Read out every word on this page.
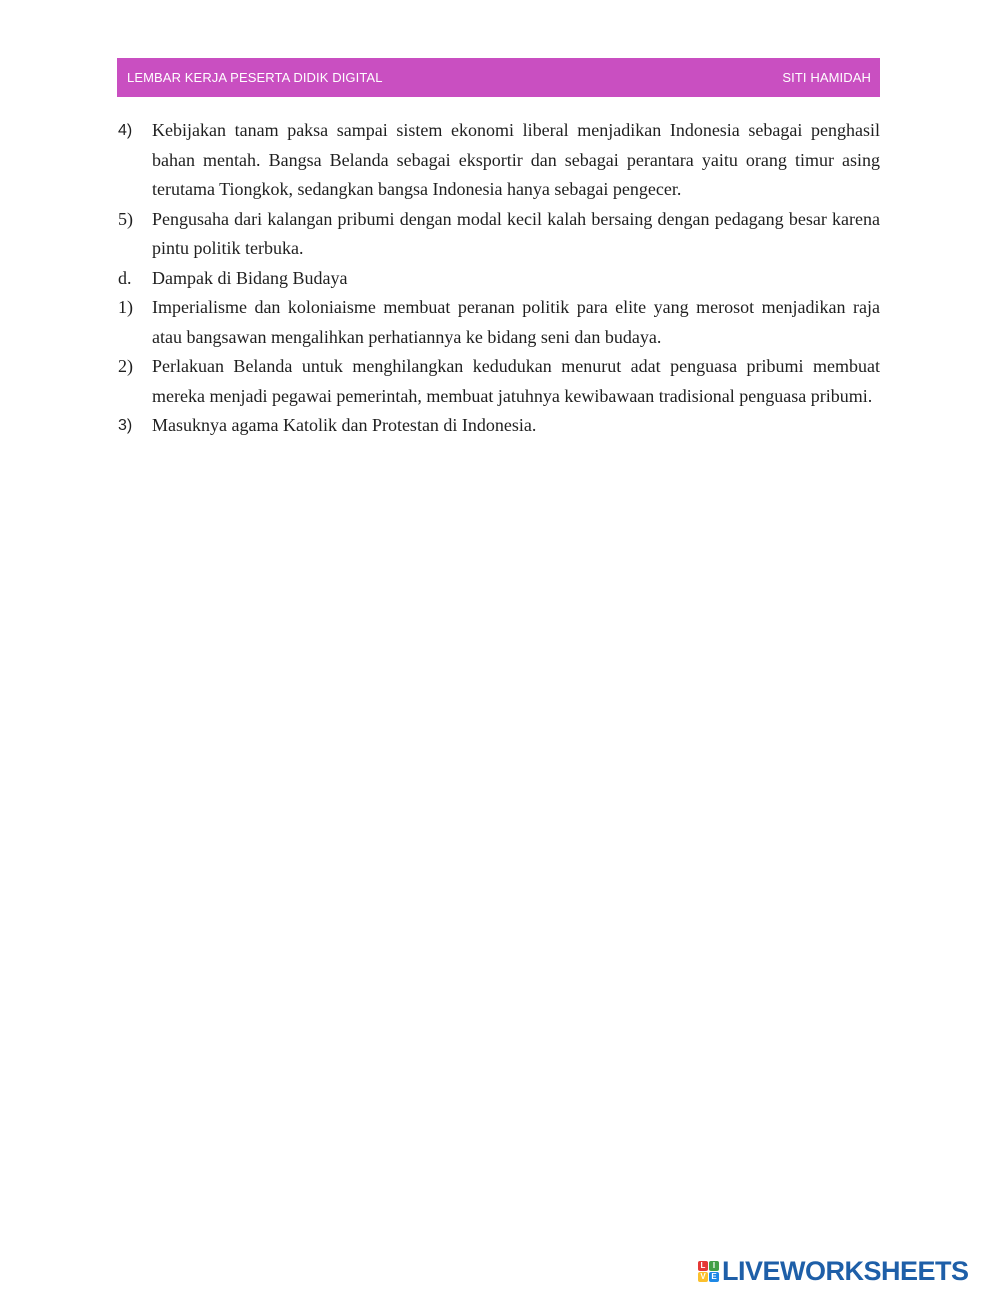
LEMBAR KERJA PESERTA DIDIK DIGITAL	SITI HAMIDAH
4)	Kebijakan tanam paksa sampai sistem ekonomi liberal menjadikan Indonesia sebagai penghasil bahan mentah. Bangsa Belanda sebagai eksportir dan sebagai perantara yaitu orang timur asing terutama Tiongkok, sedangkan bangsa Indonesia hanya sebagai pengecer.
5)	Pengusaha dari kalangan pribumi dengan modal kecil kalah bersaing dengan pedagang besar karena pintu politik terbuka.
d.	Dampak di Bidang Budaya
1)	Imperialisme dan koloniaisme membuat peranan politik para elite yang merosot menjadikan raja atau bangsawan mengalihkan perhatiannya ke bidang seni dan budaya.
2)	Perlakuan Belanda untuk menghilangkan kedudukan menurut adat penguasa pribumi membuat mereka menjadi pegawai pemerintah, membuat jatuhnya kewibawaan tradisional penguasa pribumi.
3)	Masuknya agama Katolik dan Protestan di Indonesia.
L I
V E LIVEWORKSHEETS
